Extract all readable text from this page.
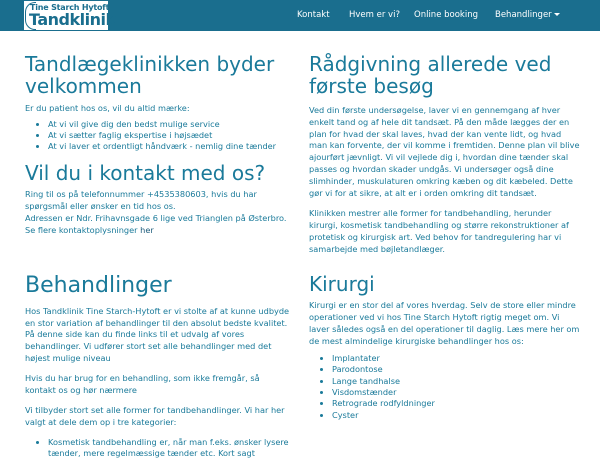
Tine Starch Hytoft
Tandklinik	Kontakt Hvem er vi? Online booking Behandlinger
Tandlægeklinikken byder velkommen

Er du patient hos os, vil du altid mærke:

• At vi vil give dig den bedst mulige service
• At vi sætter faglig ekspertise i højsædet
• At vi laver et ordentligt håndværk - nemlig dine tænder
Vil du i kontakt med os?

Ring til os på telefonnummer +4535380603, hvis du har spørgsmål eller ønsker en tid hos os.

Adressen er Ndr. Frihavnsgade 6 lige ved Trianglen på Østerbro.

Se flere kontaktoplysninger her

Behandlinger

Hos Tandklinik Tine Starch-Hytoft er vi stolte af at kunne udbyde en stor variation af behandlinger til den absolut bedste kvalitet. På denne side kan du finde links til et udvalg af vores behandlinger. Vi udfører stort set alle behandlinger med det højest mulige niveau

Hvis du har brug for en behandling, som ikke fremgår, så kontakt os og hør nærmere

Vi tilbyder stort set alle former for tandbehandlinger. Vi har her valgt at dele dem op i tre kategorier:

• Kosmetisk tandbehandling er, når man f.eks. ønsker lysere tænder, mere regelmæssige tænder etc. Kort sagt
Rådgivning allerede ved første besøg

Ved din første undersøgelse, laver vi en gennemgang af hver enkelt tand og af hele dit tandsæt. På den måde lægges der en plan for hvad der skal laves, hvad der kan vente lidt, og hvad man kan forvente, der vil komme i fremtiden. Denne plan vil blive ajourført jævnligt. Vi vil vejlede dig i, hvordan dine tænder skal passes og hvordan skader undgås. Vi undersøger også dine slimhinder, muskulaturen omkring kæben og dit kæbeled. Dette gør vi for at sikre, at alt er i orden omkring dit tandsæt.

Klinikken mestrer alle former for tandbehandling, herunder kirurgi, kosmetisk tandbehandling og større rekonstruktioner af protetisk og kirurgisk art. Ved behov for tandregulering har vi samarbejde med bøjletandlæger.

Kirurgi

Kirurgi er en stor del af vores hverdag. Selv de store eller mindre operationer ved vi hos Tine Starch Hytoft rigtig meget om. Vi laver således også en del operationer til daglig. Læs mere her om de mest almindelige kirurgiske behandlinger hos os:

• Implantater
• Parodontose
• Lange tandhalse
• Visdomstænder
• Retrograde rodfyldninger
• Cyster
